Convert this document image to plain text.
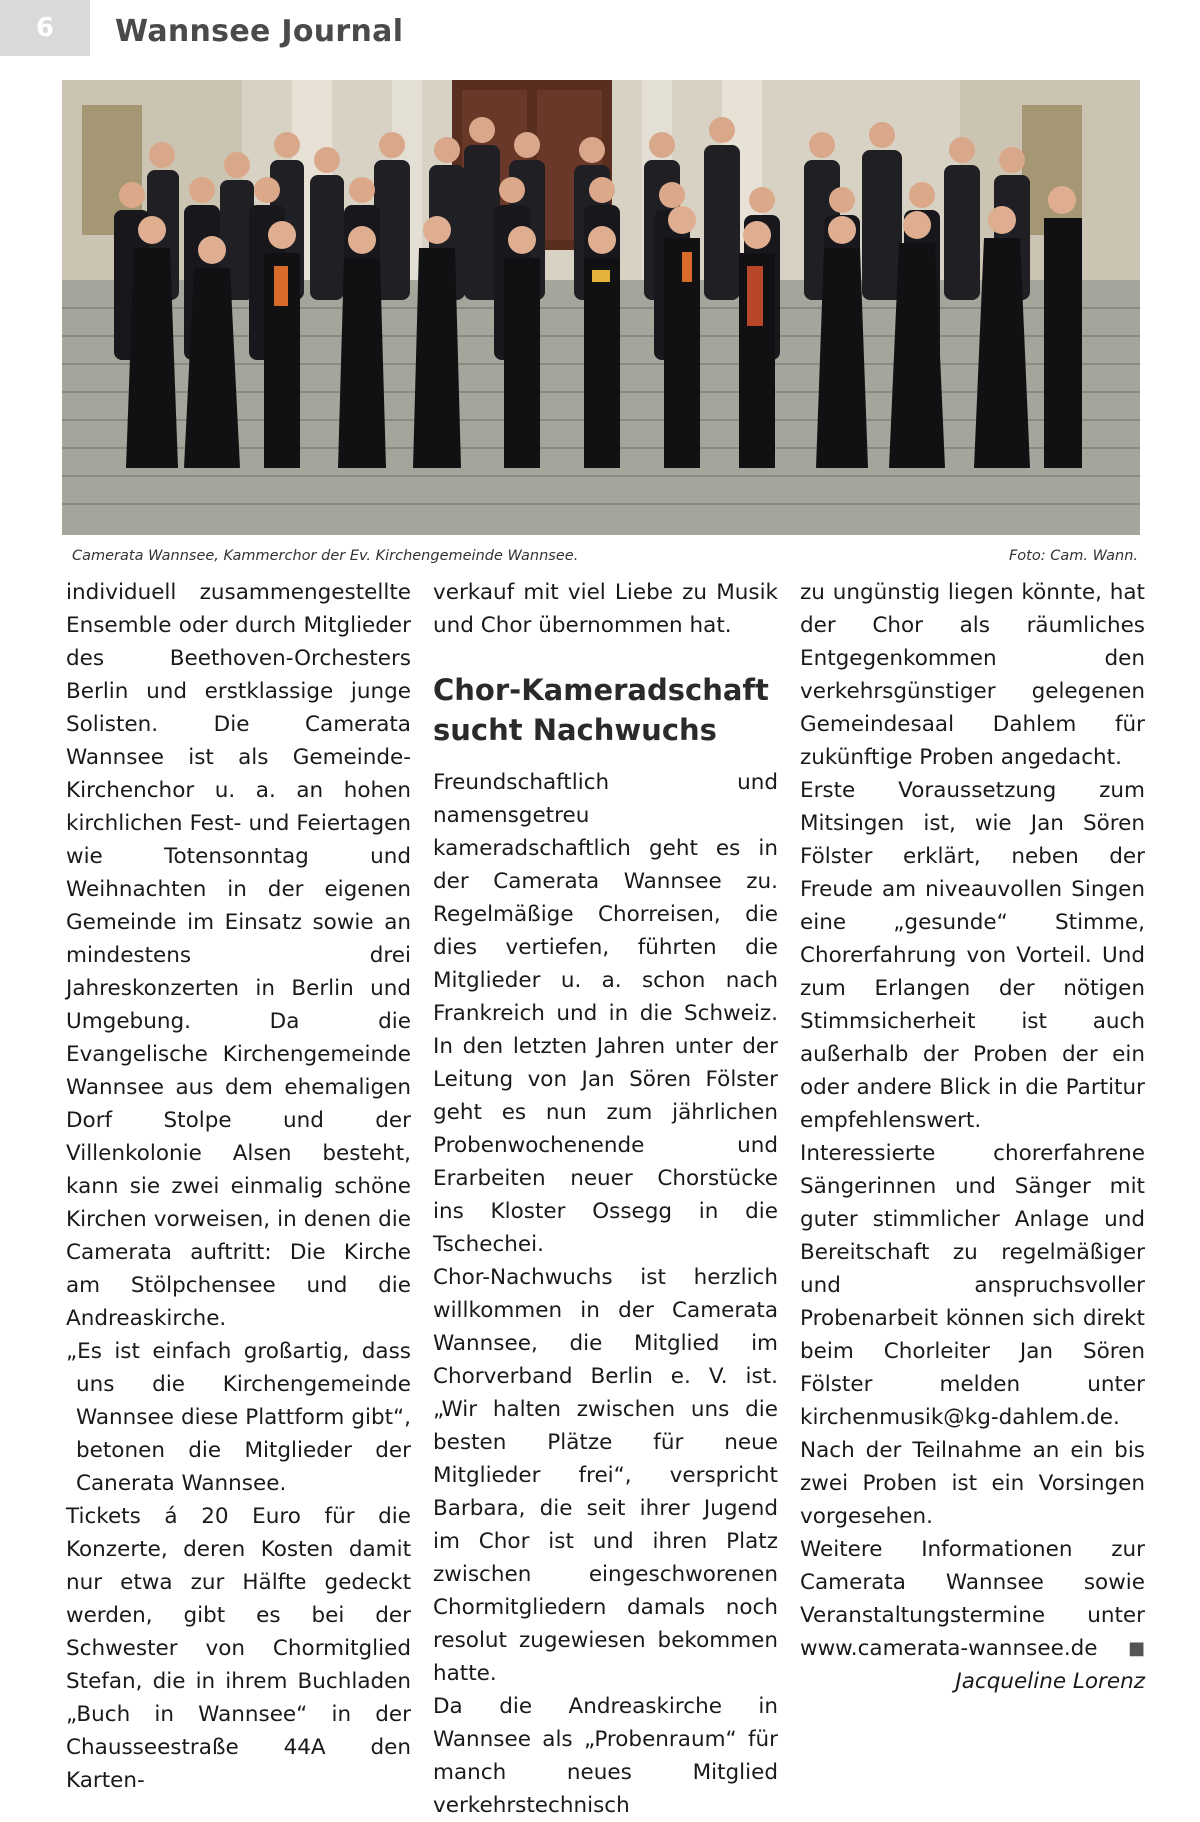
6	Wannsee Journal
Camerata Wannsee, Kammerchor der Ev. Kirchengemeinde Wannsee.	Foto: Cam. Wann.

individuell zusammengestellte Ensemble oder durch Mitglieder des Beethoven-Orchesters Berlin und erstklassige junge Solisten. Die Camerata Wannsee ist als Gemeinde-Kirchenchor u. a. an hohen kirchlichen Fest- und Feiertagen wie Totensonntag und Weihnachten in der eigenen Gemeinde im Einsatz sowie an mindestens drei Jahreskonzerten in Berlin und Umgebung. Da die Evangelische Kirchengemeinde Wannsee aus dem ehemaligen Dorf Stolpe und der Villenkolonie Alsen besteht, kann sie zwei einmalig schöne Kirchen vorweisen, in denen die Camerata auftritt: Die Kirche am Stölpchensee und die Andreaskirche.

„Es ist einfach großartig, dass uns die Kirchengemeinde Wannsee diese Plattform gibt“, betonen die Mitglieder der Canerata Wannsee.

Tickets á 20 Euro für die Konzerte, deren Kosten damit nur etwa zur Hälfte gedeckt werden, gibt es bei der Schwester von Chormitglied Stefan, die in ihrem Buchladen „Buch in Wannsee“ in der Chausseestraße 44A den Karten-

verkauf mit viel Liebe zu Musik und Chor übernommen hat.

Chor-Kameradschaft sucht Nachwuchs

Freundschaftlich und namensgetreu kameradschaftlich geht es in der Camerata Wannsee zu. Regelmäßige Chorreisen, die dies vertiefen, führten die Mitglieder u. a. schon nach Frankreich und in die Schweiz. In den letzten Jahren unter der Leitung von Jan Sören Fölster geht es nun zum jährlichen Probenwochenende und Erarbeiten neuer Chorstücke ins Kloster Ossegg in die Tschechei.

Chor-Nachwuchs ist herzlich willkommen in der Camerata Wannsee, die Mitglied im Chorverband Berlin e. V. ist. „Wir halten zwischen uns die besten Plätze für neue Mitglieder frei“, verspricht Barbara, die seit ihrer Jugend im Chor ist und ihren Platz zwischen eingeschworenen Chormitgliedern damals noch resolut zugewiesen bekommen hatte.

Da die Andreaskirche in Wannsee als „Probenraum“ für manch neues Mitglied verkehrstechnisch

zu ungünstig liegen könnte, hat der Chor als räumliches Entgegenkommen den verkehrsgünstiger gelegenen Gemeindesaal Dahlem für zukünftige Proben angedacht.

Erste Voraussetzung zum Mitsingen ist, wie Jan Sören Fölster erklärt, neben der Freude am niveauvollen Singen eine „gesunde“ Stimme, Chorerfahrung von Vorteil. Und zum Erlangen der nötigen Stimmsicherheit ist auch außerhalb der Proben der ein oder andere Blick in die Partitur empfehlenswert.

Interessierte chorerfahrene Sängerinnen und Sänger mit guter stimmlicher Anlage und Bereitschaft zu regelmäßiger und anspruchsvoller Probenarbeit können sich direkt beim Chorleiter Jan Sören Fölster melden unter kirchenmusik@kg-dahlem.de. Nach der Teilnahme an ein bis zwei Proben ist ein Vorsingen vorgesehen.

Weitere Informationen zur Camerata Wannsee sowie Veranstaltungstermine unter www.camerata-wannsee.de ■

Jacqueline Lorenz
